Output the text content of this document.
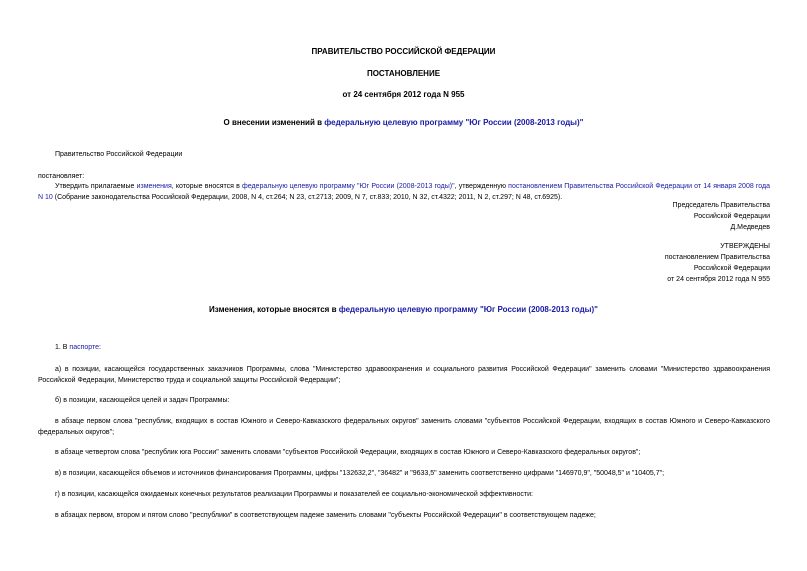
ПРАВИТЕЛЬСТВО РОССИЙСКОЙ ФЕДЕРАЦИИ
ПОСТАНОВЛЕНИЕ
от 24 сентября 2012 года N 955
О внесении изменений в федеральную целевую программу "Юг России (2008-2013 годы)"
Правительство Российской Федерации
постановляет:
Утвердить прилагаемые изменения, которые вносятся в федеральную целевую программу "Юг России (2008-2013 годы)", утвержденную постановлением Правительства Российской Федерации от 14 января 2008 года N 10 (Собрание законодательства Российской Федерации, 2008, N 4, ст.264; N 23, ст.2713; 2009, N 7, ст.833; 2010, N 32, ст.4322; 2011, N 2, ст.297; N 48, ст.6925).
Председатель Правительства
Российской Федерации
Д.Медведев
УТВЕРЖДЕНЫ
постановлением Правительства
Российской Федерации
от 24 сентября 2012 года N 955
Изменения, которые вносятся в федеральную целевую программу "Юг России (2008-2013 годы)"
1. В паспорте:
а) в позиции, касающейся государственных заказчиков Программы, слова "Министерство здравоохранения и социального развития Российской Федерации" заменить словами "Министерство здравоохранения Российской Федерации, Министерство труда и социальной защиты Российской Федерации";
б) в позиции, касающейся целей и задач Программы:
в абзаце первом слова "республик, входящих в состав Южного и Северо-Кавказского федеральных округов" заменить словами "субъектов Российской Федерации, входящих в состав Южного и Северо-Кавказского федеральных округов";
в абзаце четвертом слова "республик юга России" заменить словами "субъектов Российской Федерации, входящих в состав Южного и Северо-Кавказского федеральных округов";
в) в позиции, касающейся объемов и источников финансирования Программы, цифры "132632,2", "36482" и "9633,5" заменить соответственно цифрами "146970,9", "50048,5" и "10405,7";
г) в позиции, касающейся ожидаемых конечных результатов реализации Программы и показателей ее социально-экономической эффективности:
в абзацах первом, втором и пятом слово "республики" в соответствующем падеже заменить словами "субъекты Российской Федерации" в соответствующем падеже;
